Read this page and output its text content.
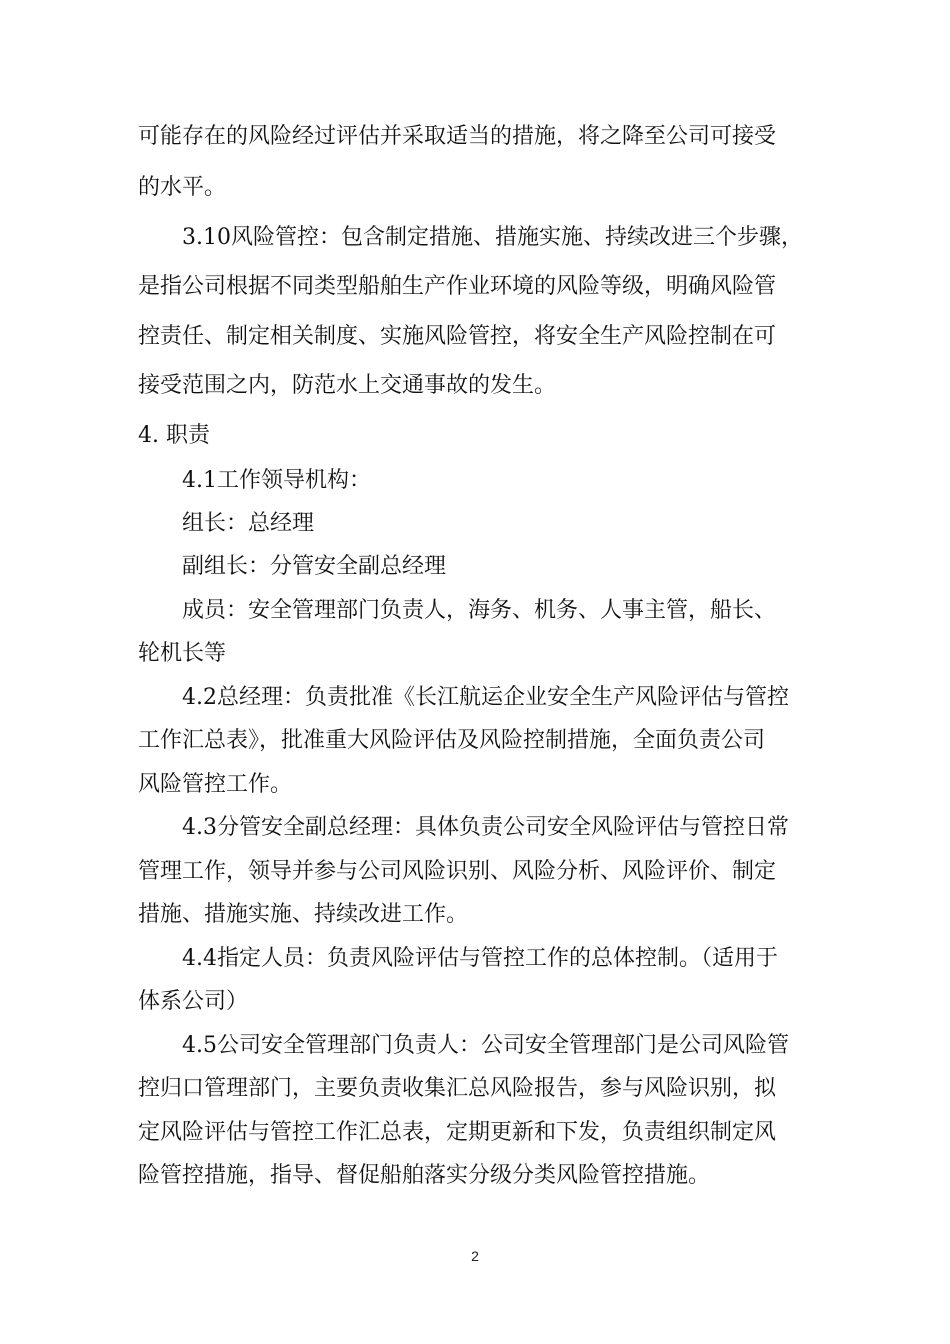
可能存在的风险经过评估并采取适当的措施，将之降至公司可接受
的水平。
3.10风险管控：包含制定措施、措施实施、持续改进三个步骤，
是指公司根据不同类型船舶生产作业环境的风险等级，明确风险管
控责任、制定相关制度、实施风险管控，将安全生产风险控制在可
接受范围之内，防范水上交通事故的发生。
4. 职责
4.1工作领导机构：
组长：总经理
副组长：分管安全副总经理
成员：安全管理部门负责人，海务、机务、人事主管，船长、
轮机长等
4.2总经理：负责批准《长江航运企业安全生产风险评估与管控
工作汇总表》，批准重大风险评估及风险控制措施，全面负责公司
风险管控工作。
4.3分管安全副总经理：具体负责公司安全风险评估与管控日常
管理工作，领导并参与公司风险识别、风险分析、风险评价、制定
措施、措施实施、持续改进工作。
4.4指定人员：负责风险评估与管控工作的总体控制。（适用于
体系公司）
4.5公司安全管理部门负责人：公司安全管理部门是公司风险管
控归口管理部门，主要负责收集汇总风险报告，参与风险识别，拟
定风险评估与管控工作汇总表，定期更新和下发，负责组织制定风
险管控措施，指导、督促船舶落实分级分类风险管控措施。
2
